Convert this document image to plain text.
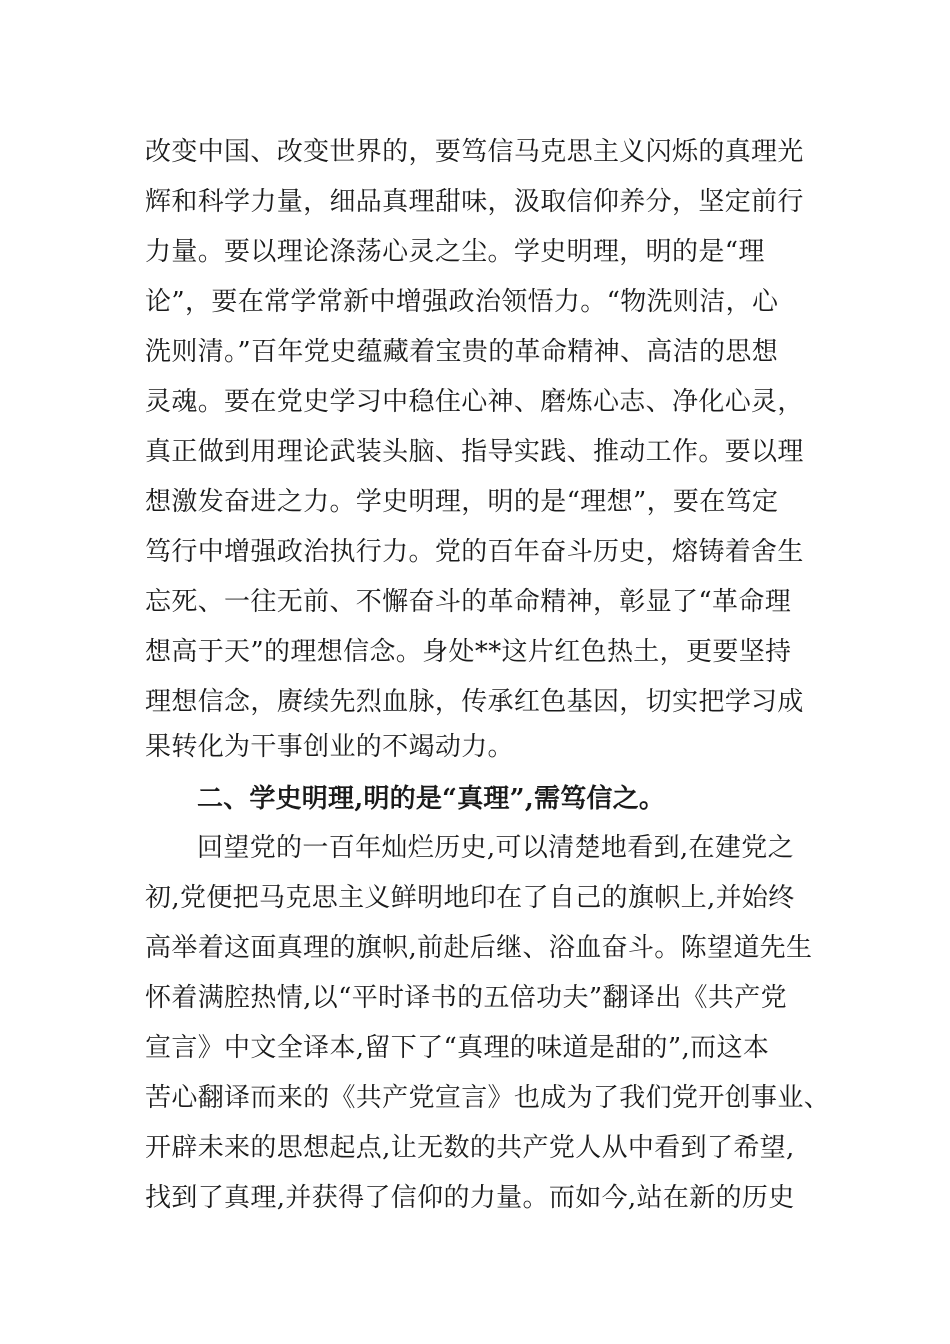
改变中国、改变世界的，要笃信马克思主义闪烁的真理光
辉和科学力量，细品真理甜味，汲取信仰养分，坚定前行
力量。要以理论涤荡心灵之尘。学史明理，明的是“理
论”，要在常学常新中增强政治领悟力。“物洗则洁，心
洗则清。”百年党史蕴藏着宝贵的革命精神、高洁的思想
灵魂。要在党史学习中稳住心神、磨炼心志、净化心灵，
真正做到用理论武装头脑、指导实践、推动工作。要以理
想激发奋进之力。学史明理，明的是“理想”，要在笃定
笃行中增强政治执行力。党的百年奋斗历史，熔铸着舍生
忘死、一往无前、不懈奋斗的革命精神，彰显了“革命理
想高于天”的理想信念。身处**这片红色热土，更要坚持
理想信念，赓续先烈血脉，传承红色基因，切实把学习成
果转化为干事创业的不竭动力。
二、学史明理,明的是“真理”,需笃信之。
回望党的一百年灿烂历史,可以清楚地看到,在建党之
初,党便把马克思主义鲜明地印在了自己的旗帜上,并始终
高举着这面真理的旗帜,前赴后继、浴血奋斗。陈望道先生
怀着满腔热情,以“平时译书的五倍功夫”翻译出《共产党
宣言》中文全译本,留下了“真理的味道是甜的”,而这本
苦心翻译而来的《共产党宣言》也成为了我们党开创事业、
开辟未来的思想起点,让无数的共产党人从中看到了希望,
找到了真理,并获得了信仰的力量。而如今,站在新的历史
